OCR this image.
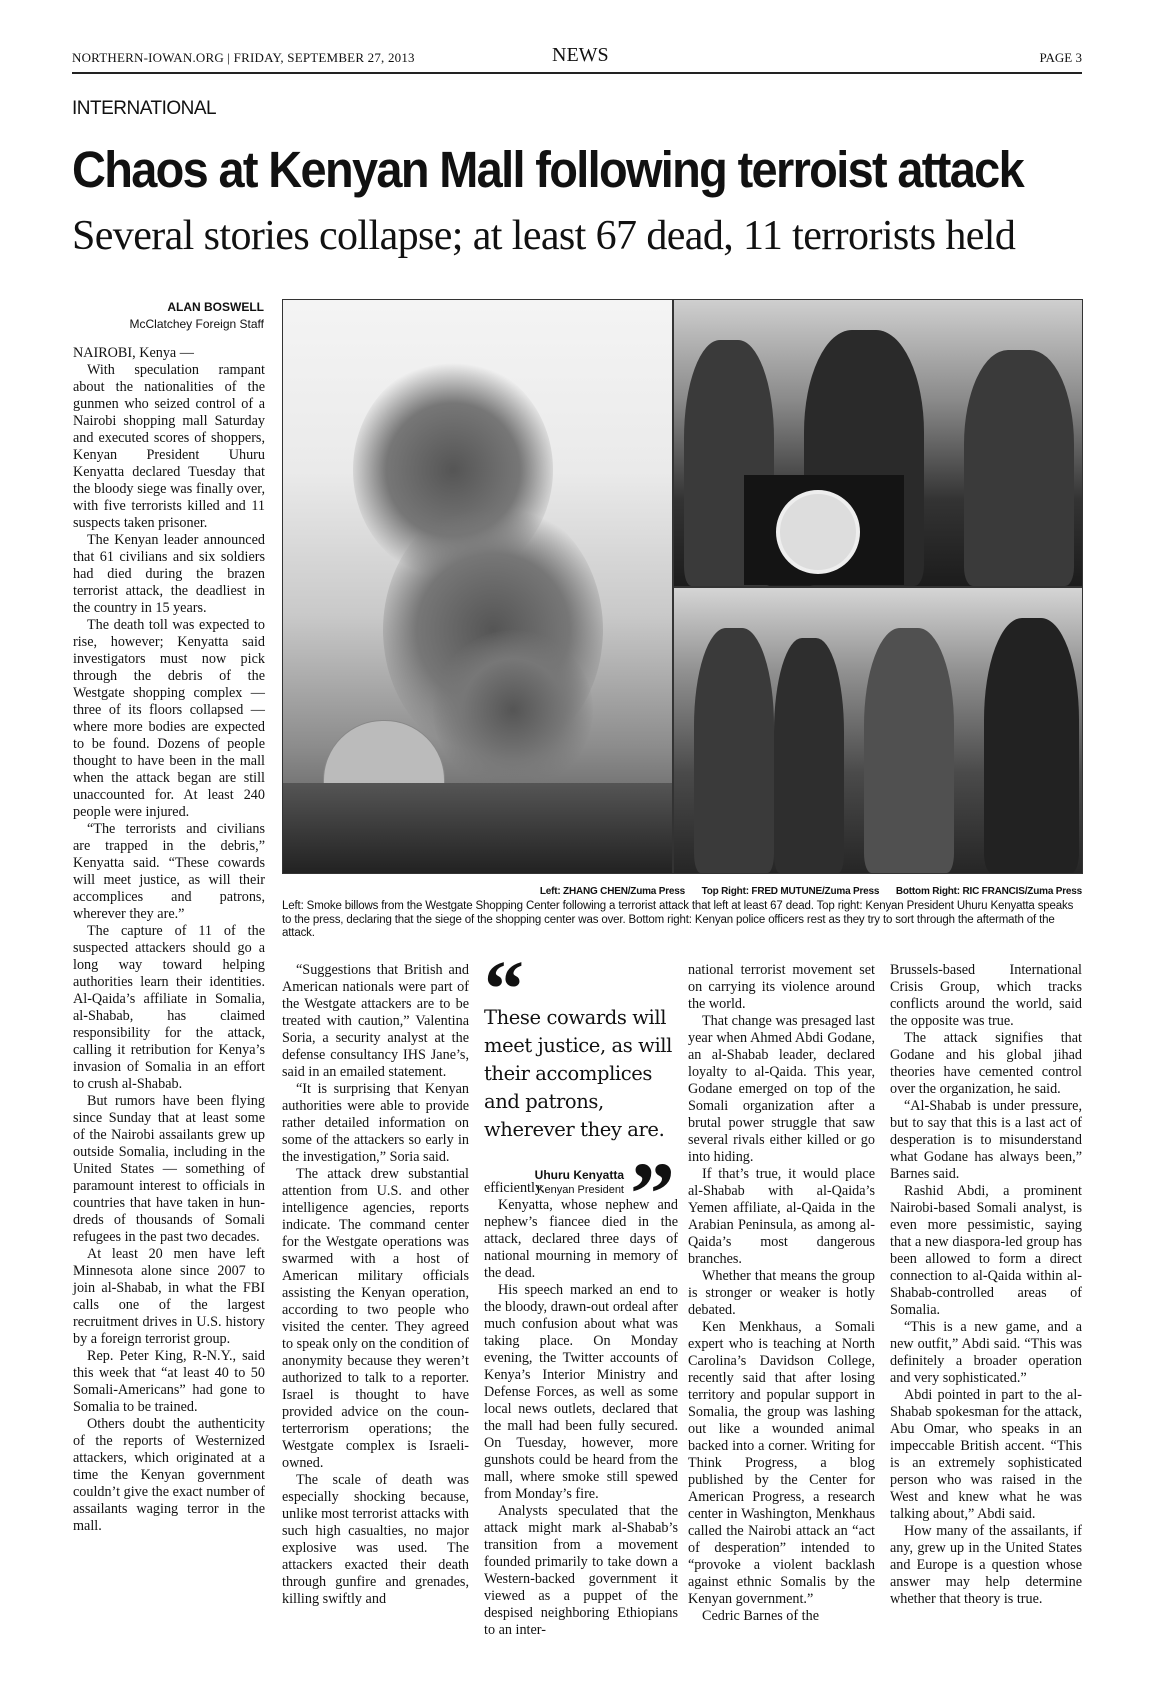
NORTHERN-IOWAN.ORG | FRIDAY, SEPTEMBER 27, 2013	NEWS	PAGE 3
INTERNATIONAL
Chaos at Kenyan Mall following terroist attack
Several stories collapse; at least 67 dead, 11 terrorists held
ALAN BOSWELL
McClatchey Foreign Staff
Left: ZHANG CHEN/Zuma Press Top Right: FRED MUTUNE/Zuma Press Bottom Right: RIC FRANCIS/Zuma Press
Left: Smoke billows from the Westgate Shopping Center following a terrorist attack that left at least 67 dead. Top right: Kenyan President Uhuru Kenyatta speaks to the press, declaring that the siege of the shopping center was over. Bottom right: Kenyan police officers rest as they try to sort through the aftermath of the attack.

NAIROBI, Kenya —

With speculation rampant about the nationalities of the gunmen who seized control of a Nairobi shopping mall Saturday and executed scores of shoppers, Kenyan President Uhuru Kenyatta declared Tuesday that the bloody siege was finally over, with five terrorists killed and 11 suspects taken prisoner.

The Kenyan leader announced that 61 civilians and six soldiers had died during the brazen terrorist attack, the deadliest in the country in 15 years.

The death toll was expected to rise, however; Kenyatta said investigators must now pick through the debris of the Westgate shopping complex — three of its floors collapsed — where more bodies are expected to be found. Dozens of people thought to have been in the mall when the attack began are still unaccounted for. At least 240 people were injured.

“The terrorists and civilians are trapped in the debris,” Kenyatta said. “These cowards will meet justice, as will their accomplices and patrons, wherever they are.”

The capture of 11 of the suspected attackers should go a long way toward helping authorities learn their identities. Al-Qaida’s affiliate in Somalia, al-Shabab, has claimed responsibility for the attack, calling it retribution for Kenya’s invasion of Somalia in an effort to crush al-Shabab.

But rumors have been flying since Sunday that at least some of the Nairobi assailants grew up outside Somalia, including in the United States — something of paramount interest to officials in countries that have taken in hundreds of thousands of Somali refugees in the past two decades.

At least 20 men have left Minnesota alone since 2007 to join al-Shabab, in what the FBI calls one of the largest recruitment drives in U.S. history by a foreign terrorist group.

Rep. Peter King, R-N.Y., said this week that “at least 40 to 50 Somali-Americans” had gone to Somalia to be trained.

Others doubt the authenticity of the reports of Westernized attackers, which originated at a time the Kenyan government couldn’t give the exact number of assailants waging terror in the mall.

“Suggestions that British and American nationals were part of the Westgate attackers are to be treated with caution,” Valentina Soria, a security analyst at the defense consultancy IHS Jane’s, said in an emailed statement.

“It is surprising that Kenyan authorities were able to provide rather detailed information on some of the attackers so early in the investigation,” Soria said.

The attack drew substantial attention from U.S. and other intelligence agencies, reports indicate. The command center for the Westgate operations was swarmed with a host of American military officials assisting the Kenyan operation, according to two people who visited the center. They agreed to speak only on the condition of anonymity because they weren’t authorized to talk to a reporter. Israel is thought to have provided advice on the counterterrorism operations; the Westgate complex is Israeli-owned.

The scale of death was especially shocking because, unlike most terrorist attacks with such high casualties, no major explosive was used. The attackers exacted their death through gunfire and grenades, killing swiftly and

“
These cowards will meet justice, as will their accomplices and patrons, wherever they are.
Uhuru Kenyatta
Kenyan President ”
efficiently.

Kenyatta, whose nephew and nephew’s fiancee died in the attack, declared three days of national mourning in memory of the dead.

His speech marked an end to the bloody, drawn-out ordeal after much confusion about what was taking place. On Monday evening, the Twitter accounts of Kenya’s Interior Ministry and Defense Forces, as well as some local news outlets, declared that the mall had been fully secured. On Tuesday, however, more gunshots could be heard from the mall, where smoke still spewed from Monday’s fire.

Analysts speculated that the attack might mark al-Shabab’s transition from a movement founded primarily to take down a Western-backed government it viewed as a puppet of the despised neighboring Ethiopians to an inter-

national terrorist movement set on carrying its violence around the world.

That change was presaged last year when Ahmed Abdi Godane, an al-Shabab leader, declared loyalty to al-Qaida. This year, Godane emerged on top of the Somali organization after a brutal power struggle that saw several rivals either killed or go into hiding.

If that’s true, it would place al-Shabab with al-Qaida’s Yemen affiliate, al-Qaida in the Arabian Peninsula, as among al-Qaida’s most dangerous branches.

Whether that means the group is stronger or weaker is hotly debated.

Ken Menkhaus, a Somali expert who is teaching at North Carolina’s Davidson College, recently said that after losing territory and popular support in Somalia, the group was lashing out like a wounded animal backed into a corner. Writing for Think Progress, a blog published by the Center for American Progress, a research center in Washington, Menkhaus called the Nairobi attack an “act of desperation” intended to “provoke a violent backlash against ethnic Somalis by the Kenyan government.”

Cedric Barnes of the

Brussels-based International Crisis Group, which tracks conflicts around the world, said the opposite was true.

The attack signifies that Godane and his global jihad theories have cemented control over the organization, he said.

“Al-Shabab is under pressure, but to say that this is a last act of desperation is to misunderstand what Godane has always been,” Barnes said.

Rashid Abdi, a prominent Nairobi-based Somali analyst, is even more pessimistic, saying that a new diaspora-led group has been allowed to form a direct connection to al-Qaida within al-Shabab-controlled areas of Somalia.

“This is a new game, and a new outfit,” Abdi said. “This was definitely a broader operation and very sophisticated.”

Abdi pointed in part to the al-Shabab spokesman for the attack, Abu Omar, who speaks in an impeccable British accent. “This is an extremely sophisticated person who was raised in the West and knew what he was talking about,” Abdi said.

How many of the assailants, if any, grew up in the United States and Europe is a question whose answer may help determine whether that theory is true.
